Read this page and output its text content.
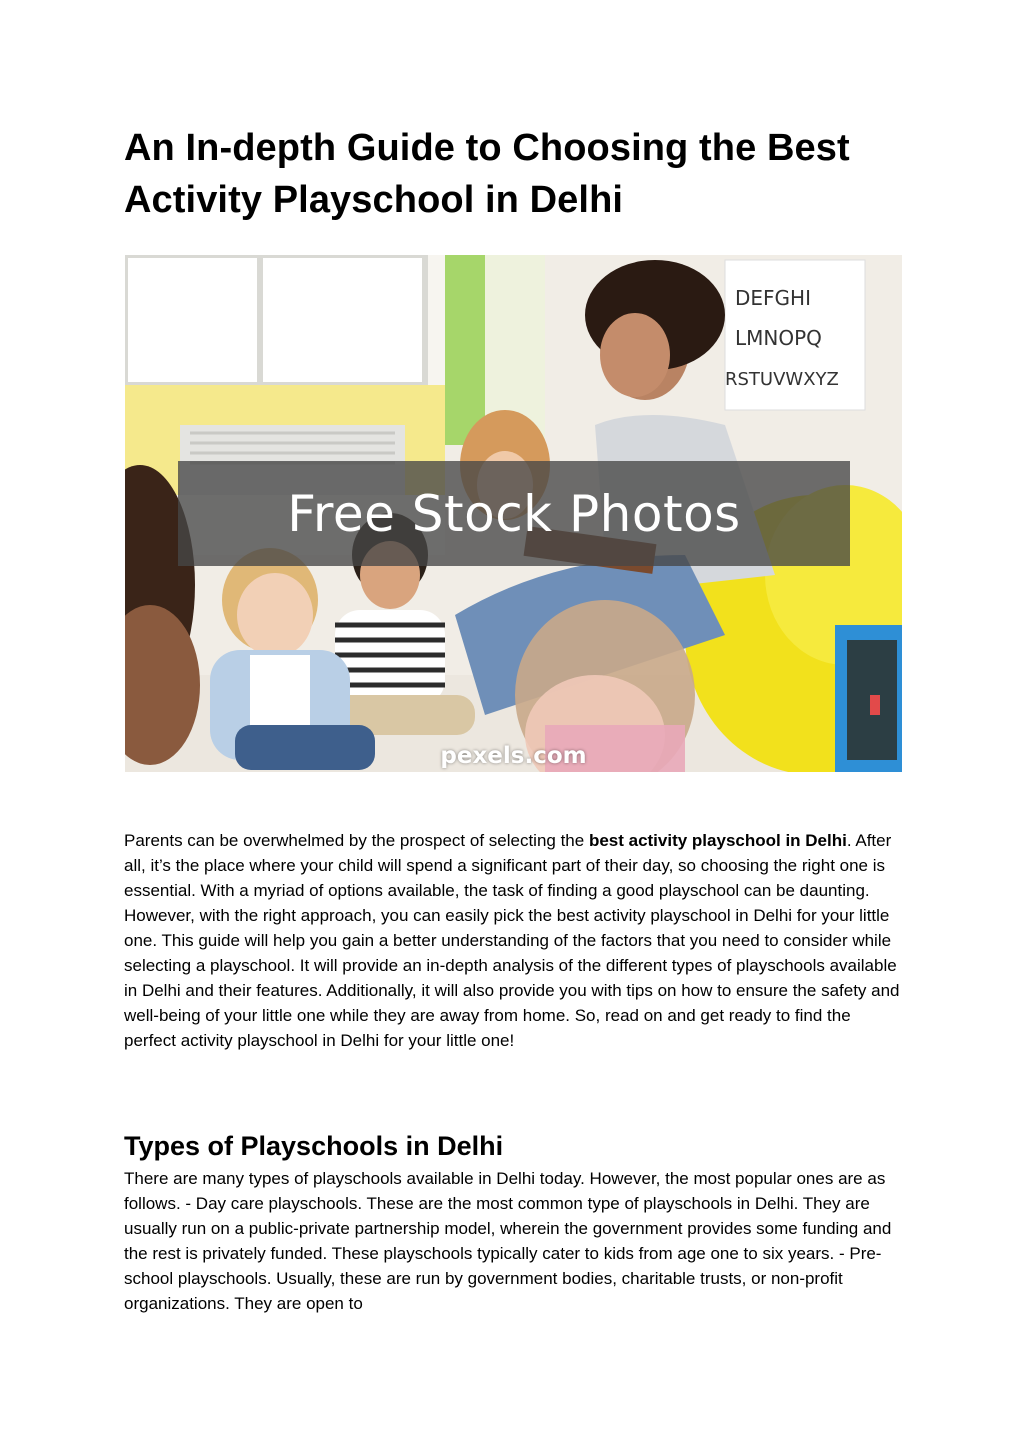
An In-depth Guide to Choosing the Best
Activity Playschool in Delhi
DEFGHI
LMNOPQ
RSTUVWXYZ
Free Stock Photos
pexels.com

Parents can be overwhelmed by the prospect of selecting the best activity playschool in Delhi. After all, it’s the place where your child will spend a significant part of their day, so choosing the right one is essential. With a myriad of options available, the task of finding a good playschool can be daunting. However, with the right approach, you can easily pick the best activity playschool in Delhi for your little one. This guide will help you gain a better understanding of the factors that you need to consider while selecting a playschool. It will provide an in-depth analysis of the different types of playschools available in Delhi and their features. Additionally, it will also provide you with tips on how to ensure the safety and well-being of your little one while they are away from home. So, read on and get ready to find the perfect activity playschool in Delhi for your little one!

Types of Playschools in Delhi

There are many types of playschools available in Delhi today. However, the most popular ones are as follows. - Day care playschools. These are the most common type of playschools in Delhi. They are usually run on a public-private partnership model, wherein the government provides some funding and the rest is privately funded. These playschools typically cater to kids from age one to six years. - Pre-school playschools. Usually, these are run by government bodies, charitable trusts, or non-profit organizations. They are open to
